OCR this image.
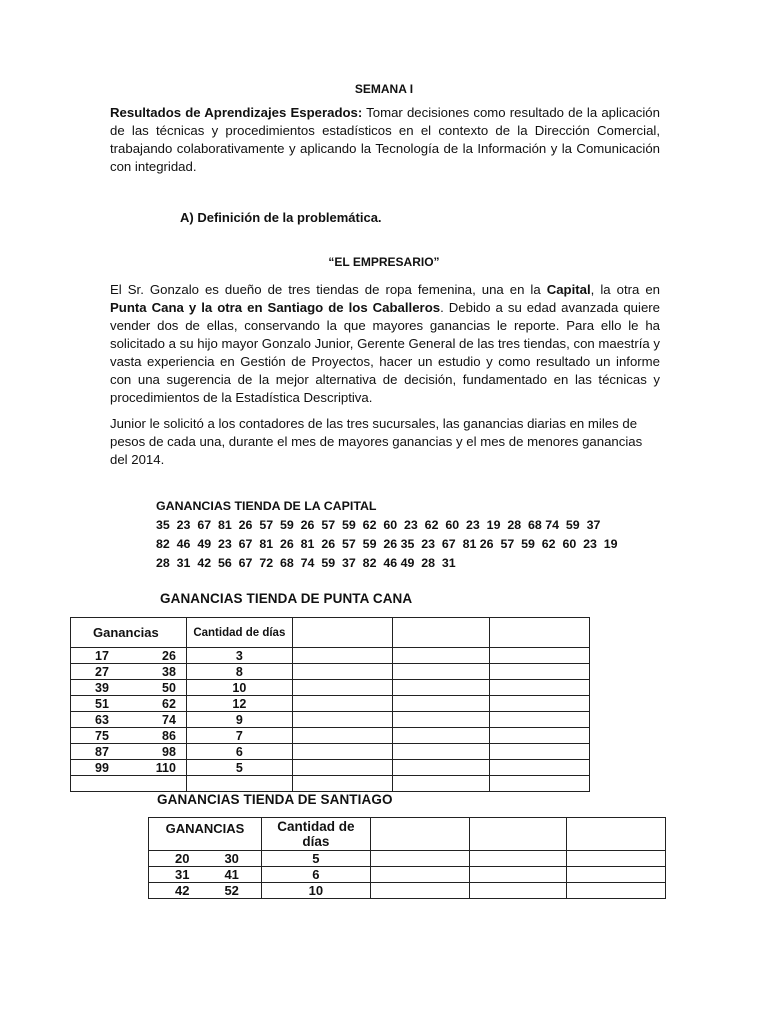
SEMANA I
Resultados de Aprendizajes Esperados: Tomar decisiones como resultado de la aplicación de las técnicas y procedimientos estadísticos en el contexto de la Dirección Comercial, trabajando colaborativamente y aplicando la Tecnología de la Información y la Comunicación con integridad.
A) Definición de la problemática.
“EL EMPRESARIO”
El Sr. Gonzalo es dueño de tres tiendas de ropa femenina, una en la Capital, la otra en Punta Cana y la otra en Santiago de los Caballeros. Debido a su edad avanzada quiere vender dos de ellas, conservando la que mayores ganancias le reporte. Para ello le ha solicitado a su hijo mayor Gonzalo Junior, Gerente General de las tres tiendas, con maestría y vasta experiencia en Gestión de Proyectos, hacer un estudio y como resultado un informe con una sugerencia de la mejor alternativa de decisión, fundamentado en las técnicas y procedimientos de la Estadística Descriptiva.
Junior le solicitó a los contadores de las tres sucursales, las ganancias diarias en miles de pesos de cada una, durante el mes de mayores ganancias y el mes de menores ganancias del 2014.
GANANCIAS TIENDA DE LA CAPITAL
35  23  67  81  26  57  59  26  57  59  62  60  23  62  60  23  19  28  68 74  59  37
82  46  49  23  67  81  26  81  26  57  59  26 35  23  67  81 26  57  59  62  60  23  19
28  31  42  56  67  72  68  74  59  37  82  46 49  28  31
GANANCIAS TIENDA DE PUNTA CANA
Ganancias	Cantidad de días			

17 26	3			

27 38	8			

39 50	10			

51 62	12			

63 74	9			

75 86	7			

87 98	6			

99 110	5			

GANANCIAS TIENDA DE SANTIAGO
GANANCIAS	Cantidad de días			

20 30	5			

31 41	6			

42 52	10			
